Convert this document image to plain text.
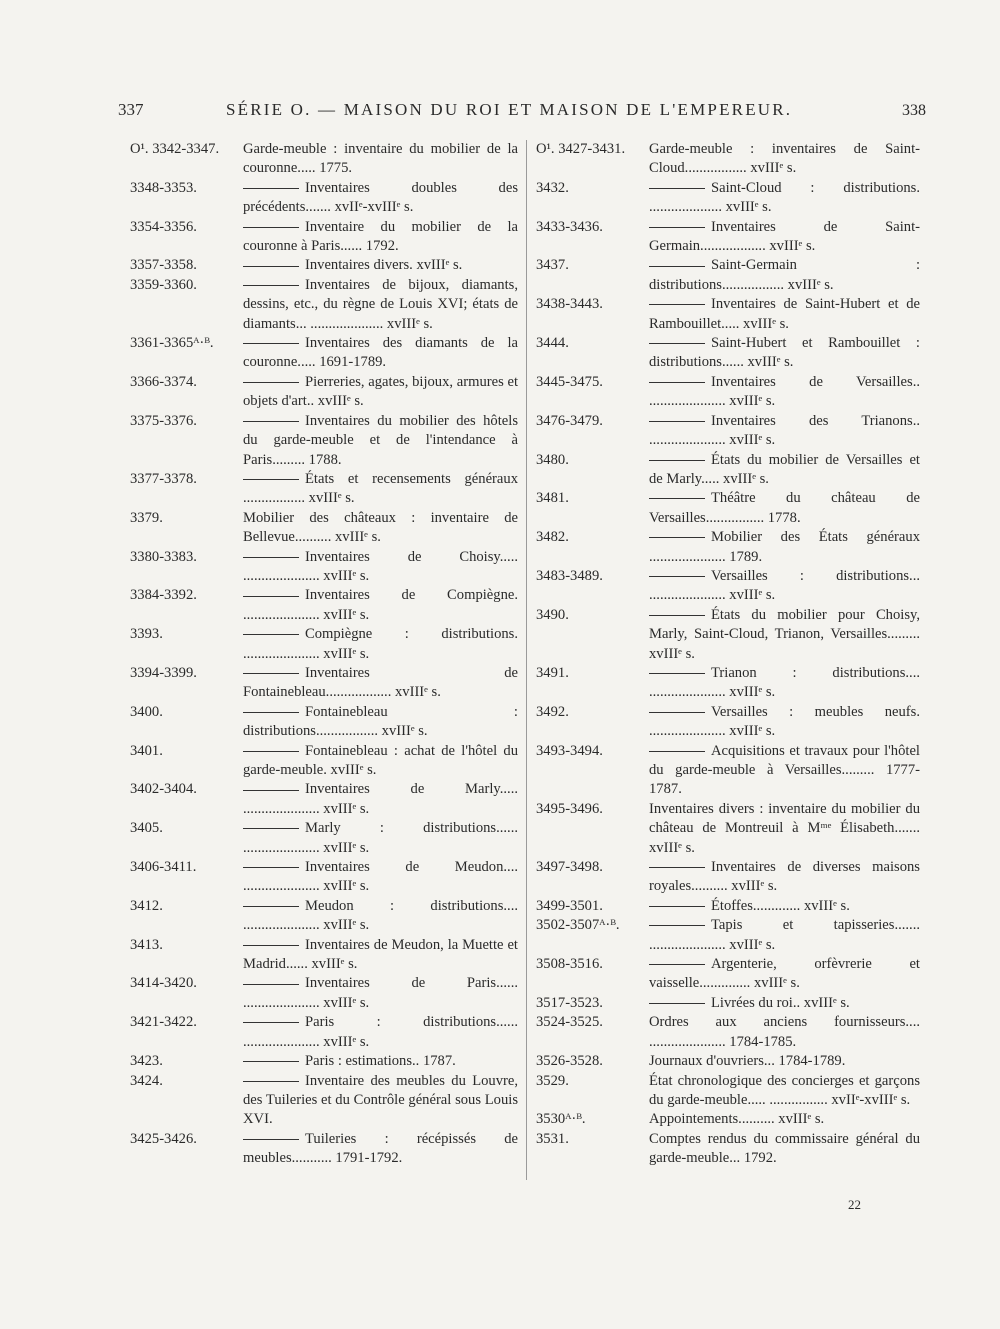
337	SÉRIE O. — MAISON DU ROI ET MAISON DE L'EMPEREUR.	338
O¹. 3342-3347. Garde-meuble : inventaire du mobilier de la couronne..... 1775.
3348-3353.	Inventaires doubles des précédents....... xvIIᵉ-xvIIIᵉ s.
3354-3356.	Inventaire du mobilier de la couronne à Paris...... 1792.
3357-3358.	Inventaires divers. xvIIIᵉ s.
3359-3360.	Inventaires de bijoux, diamants, dessins, etc., du règne de Louis XVI; états de diamants... .................... xvIIIᵉ s.
3361-3365ᴬ·ᴮ.	Inventaires des diamants de la couronne..... 1691-1789.
3366-3374.	Pierreries, agates, bijoux, armures et objets d'art.. xvIIIᵉ s.
3375-3376.	Inventaires du mobilier des hôtels du garde-meuble et de l'intendance à Paris......... 1788.
3377-3378.	États et recensements généraux ................. xvIIIᵉ s.
3379.	Mobilier des châteaux : inventaire de Bellevue.......... xvIIIᵉ s.
3380-3383.	Inventaires de Choisy..... ..................... xvIIIᵉ s.
3384-3392.	Inventaires de Compiègne. ..................... xvIIIᵉ s.
3393.	Compiègne : distributions. ..................... xvIIIᵉ s.
3394-3399.	Inventaires de Fontainebleau.................. xvIIIᵉ s.
3400.	Fontainebleau : distributions................. xvIIIᵉ s.
3401.	Fontainebleau : achat de l'hôtel du garde-meuble. xvIIIᵉ s.
3402-3404.	Inventaires de Marly..... ..................... xvIIIᵉ s.
3405.	Marly : distributions...... ..................... xvIIIᵉ s.
3406-3411.	Inventaires de Meudon.... ..................... xvIIIᵉ s.
3412.	Meudon : distributions.... ..................... xvIIIᵉ s.
3413.	Inventaires de Meudon, la Muette et Madrid...... xvIIIᵉ s.
3414-3420.	Inventaires de Paris...... ..................... xvIIIᵉ s.
3421-3422.	Paris : distributions...... ..................... xvIIIᵉ s.
3423.	Paris : estimations.. 1787.
3424.	Inventaire des meubles du Louvre, des Tuileries et du Contrôle général sous Louis XVI.
3425-3426.	Tuileries : récépissés de meubles........... 1791-1792.
O¹. 3427-3431. Garde-meuble : inventaires de Saint-Cloud................. xvIIIᵉ s.
3432.	Saint-Cloud : distributions. .................... xvIIIᵉ s.
3433-3436.	Inventaires de Saint-Germain.................. xvIIIᵉ s.
3437.	Saint-Germain : distributions................. xvIIIᵉ s.
3438-3443.	Inventaires de Saint-Hubert et de Rambouillet..... xvIIIᵉ s.
3444.	Saint-Hubert et Rambouillet : distributions...... xvIIIᵉ s.
3445-3475.	Inventaires de Versailles.. ..................... xvIIIᵉ s.
3476-3479.	Inventaires des Trianons.. ..................... xvIIIᵉ s.
3480.	États du mobilier de Versailles et de Marly..... xvIIIᵉ s.
3481.	Théâtre du château de Versailles................ 1778.
3482.	Mobilier des États généraux ..................... 1789.
3483-3489.	Versailles : distributions... ..................... xvIIIᵉ s.
3490.	États du mobilier pour Choisy, Marly, Saint-Cloud, Trianon, Versailles......... xvIIIᵉ s.
3491.	Trianon : distributions.... ..................... xvIIIᵉ s.
3492.	Versailles : meubles neufs. ..................... xvIIIᵉ s.
3493-3494.	Acquisitions et travaux pour l'hôtel du garde-meuble à Versailles......... 1777-1787.
3495-3496.	Inventaires divers : inventaire du mobilier du château de Montreuil à Mᵐᵉ Élisabeth....... xvIIIᵉ s.
3497-3498.	Inventaires de diverses maisons royales.......... xvIIIᵉ s.
3499-3501.	Étoffes............. xvIIIᵉ s.
3502-3507ᴬ·ᴮ.	Tapis et tapisseries....... ..................... xvIIIᵉ s.
3508-3516.	Argenterie, orfèvrerie et vaisselle.............. xvIIIᵉ s.
3517-3523.	Livrées du roi.. xvIIIᵉ s.
3524-3525.	Ordres aux anciens fournisseurs.... ..................... 1784-1785.
3526-3528.	Journaux d'ouvriers... 1784-1789.
3529.	État chronologique des concierges et garçons du garde-meuble..... ................ xvIIᵉ-xvIIIᵉ s.
3530ᴬ·ᴮ.	Appointements.......... xvIIIᵉ s.
3531.	Comptes rendus du commissaire général du garde-meuble... 1792.
22
